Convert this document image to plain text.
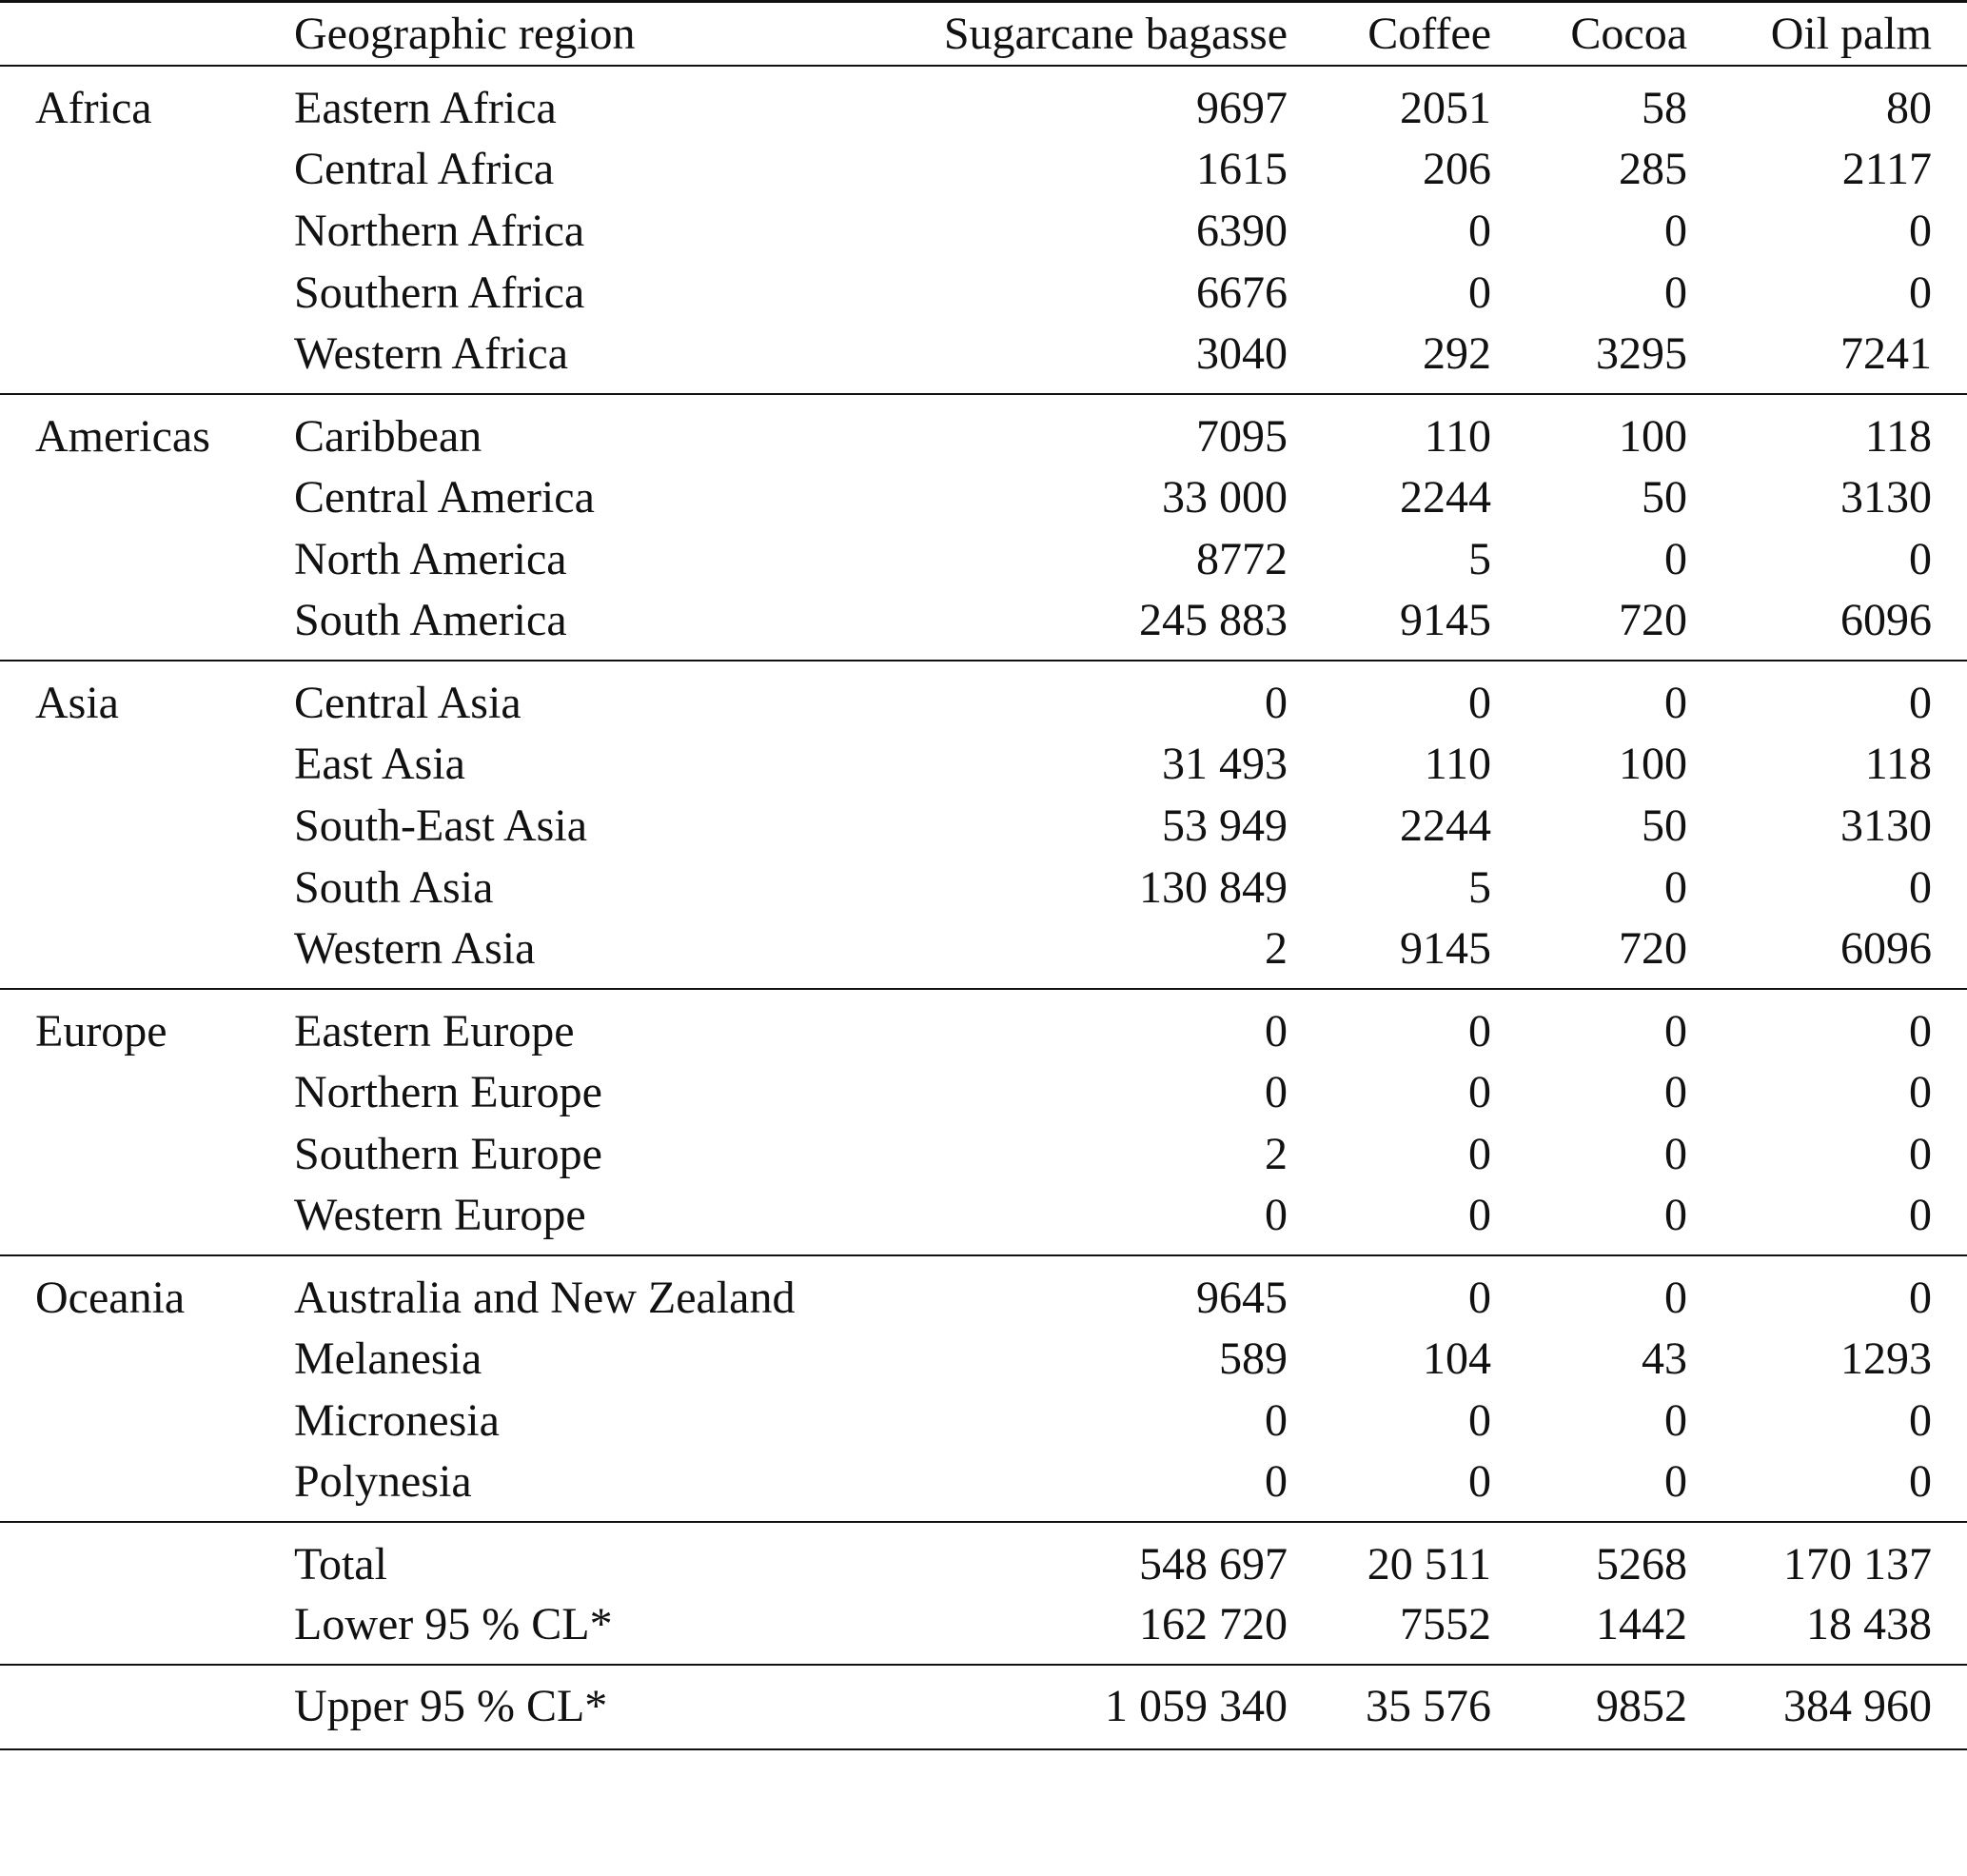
	Geographic region	Sugarcane bagasse	Coffee	Cocoa	Oil palm
Africa	Eastern Africa	9697	2051	58	80
	Central Africa	1615	206	285	2117
	Northern Africa	6390	0	0	0
	Southern Africa	6676	0	0	0
	Western Africa	3040	292	3295	7241
Americas	Caribbean	7095	110	100	118
	Central America	33 000	2244	50	3130
	North America	8772	5	0	0
	South America	245 883	9145	720	6096
Asia	Central Asia	0	0	0	0
	East Asia	31 493	110	100	118
	South-East Asia	53 949	2244	50	3130
	South Asia	130 849	5	0	0
	Western Asia	2	9145	720	6096
Europe	Eastern Europe	0	0	0	0
	Northern Europe	0	0	0	0
	Southern Europe	2	0	0	0
	Western Europe	0	0	0	0
Oceania	Australia and New Zealand	9645	0	0	0
	Melanesia	589	104	43	1293
	Micronesia	0	0	0	0
	Polynesia	0	0	0	0
	Total	548 697	20 511	5268	170 137
	Lower 95 % CL*	162 720	7552	1442	18 438
	Upper 95 % CL*	1 059 340	35 576	9852	384 960
